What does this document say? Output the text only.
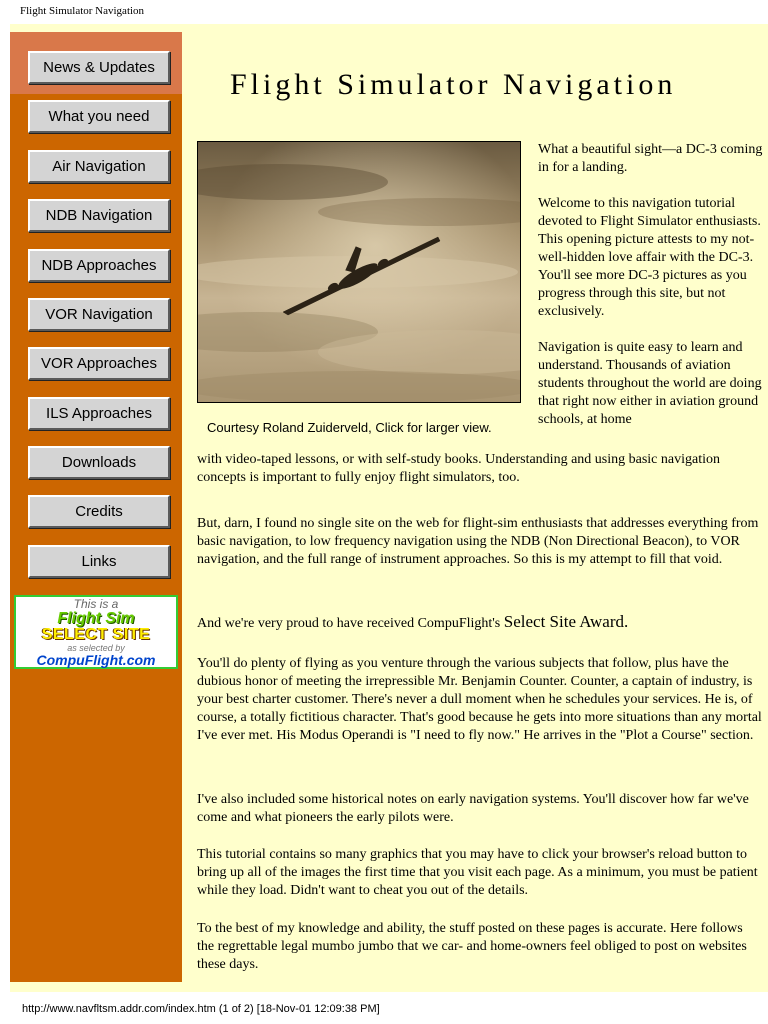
Flight Simulator Navigation
News & Updates
What you need
Air Navigation
NDB Navigation
NDB Approaches
VOR Navigation
VOR Approaches
ILS Approaches
Downloads
Credits
Links
This is a
Flight Sim
SELECT SITE
as selected by
CompuFlight.com
Flight Simulator Navigation
Courtesy Roland Zuiderveld, Click for larger view.

What a beautiful sight—a DC-3 coming in for a landing.

Welcome to this navigation tutorial devoted to Flight Simulator enthusiasts. This opening picture attests to my not-well-hidden love affair with the DC-3. You'll see more DC-3 pictures as you progress through this site, but not exclusively.

Navigation is quite easy to learn and understand. Thousands of aviation students throughout the world are doing that right now either in aviation ground schools, at home

with video-taped lessons, or with self-study books. Understanding and using basic navigation concepts is important to fully enjoy flight simulators, too.

But, darn, I found no single site on the web for flight-sim enthusiasts that addresses everything from basic navigation, to low frequency navigation using the NDB (Non Directional Beacon), to VOR navigation, and the full range of instrument approaches. So this is my attempt to fill that void.

And we're very proud to have received CompuFlight's Select Site Award.

You'll do plenty of flying as you venture through the various subjects that follow, plus have the dubious honor of meeting the irrepressible Mr. Benjamin Counter. Counter, a captain of industry, is your best charter customer. There's never a dull moment when he schedules your services. He is, of course, a totally fictitious character. That's good because he gets into more situations than any mortal I've ever met. His Modus Operandi is "I need to fly now." He arrives in the "Plot a Course" section.

I've also included some historical notes on early navigation systems. You'll discover how far we've come and what pioneers the early pilots were.

This tutorial contains so many graphics that you may have to click your browser's reload button to bring up all of the images the first time that you visit each page. As a minimum, you must be patient while they load. Didn't want to cheat you out of the details.

To the best of my knowledge and ability, the stuff posted on these pages is accurate. Here follows the regrettable legal mumbo jumbo that we car- and home-owners feel obliged to post on websites these days.

http://www.navfltsm.addr.com/index.htm (1 of 2) [18-Nov-01 12:09:38 PM]
